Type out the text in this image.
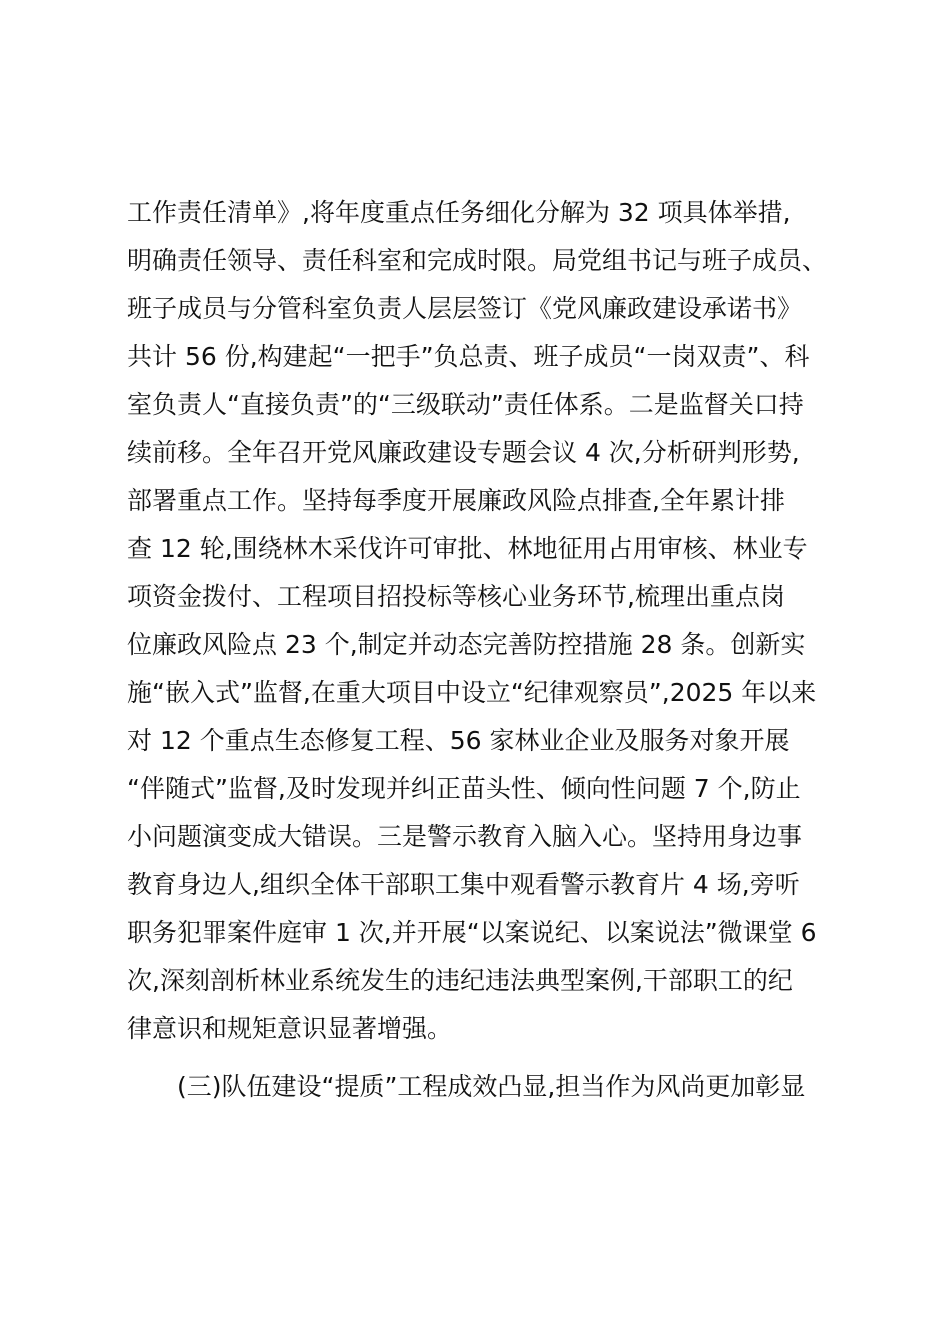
工作责任清单》,将年度重点任务细化分解为 32 项具体举措,
明确责任领导、责任科室和完成时限。局党组书记与班子成员、
班子成员与分管科室负责人层层签订《党风廉政建设承诺书》
共计 56 份,构建起“一把手”负总责、班子成员“一岗双责”、科
室负责人“直接负责”的“三级联动”责任体系。二是监督关口持
续前移。全年召开党风廉政建设专题会议 4 次,分析研判形势,
部署重点工作。坚持每季度开展廉政风险点排查,全年累计排
查 12 轮,围绕林木采伐许可审批、林地征用占用审核、林业专
项资金拨付、工程项目招投标等核心业务环节,梳理出重点岗
位廉政风险点 23 个,制定并动态完善防控措施 28 条。创新实
施“嵌入式”监督,在重大项目中设立“纪律观察员”,2025 年以来
对 12 个重点生态修复工程、56 家林业企业及服务对象开展
“伴随式”监督,及时发现并纠正苗头性、倾向性问题 7 个,防止
小问题演变成大错误。三是警示教育入脑入心。坚持用身边事
教育身边人,组织全体干部职工集中观看警示教育片 4 场,旁听
职务犯罪案件庭审 1 次,并开展“以案说纪、以案说法”微课堂 6
次,深刻剖析林业系统发生的违纪违法典型案例,干部职工的纪
律意识和规矩意识显著增强。
(三)队伍建设“提质”工程成效凸显,担当作为风尚更加彰显
